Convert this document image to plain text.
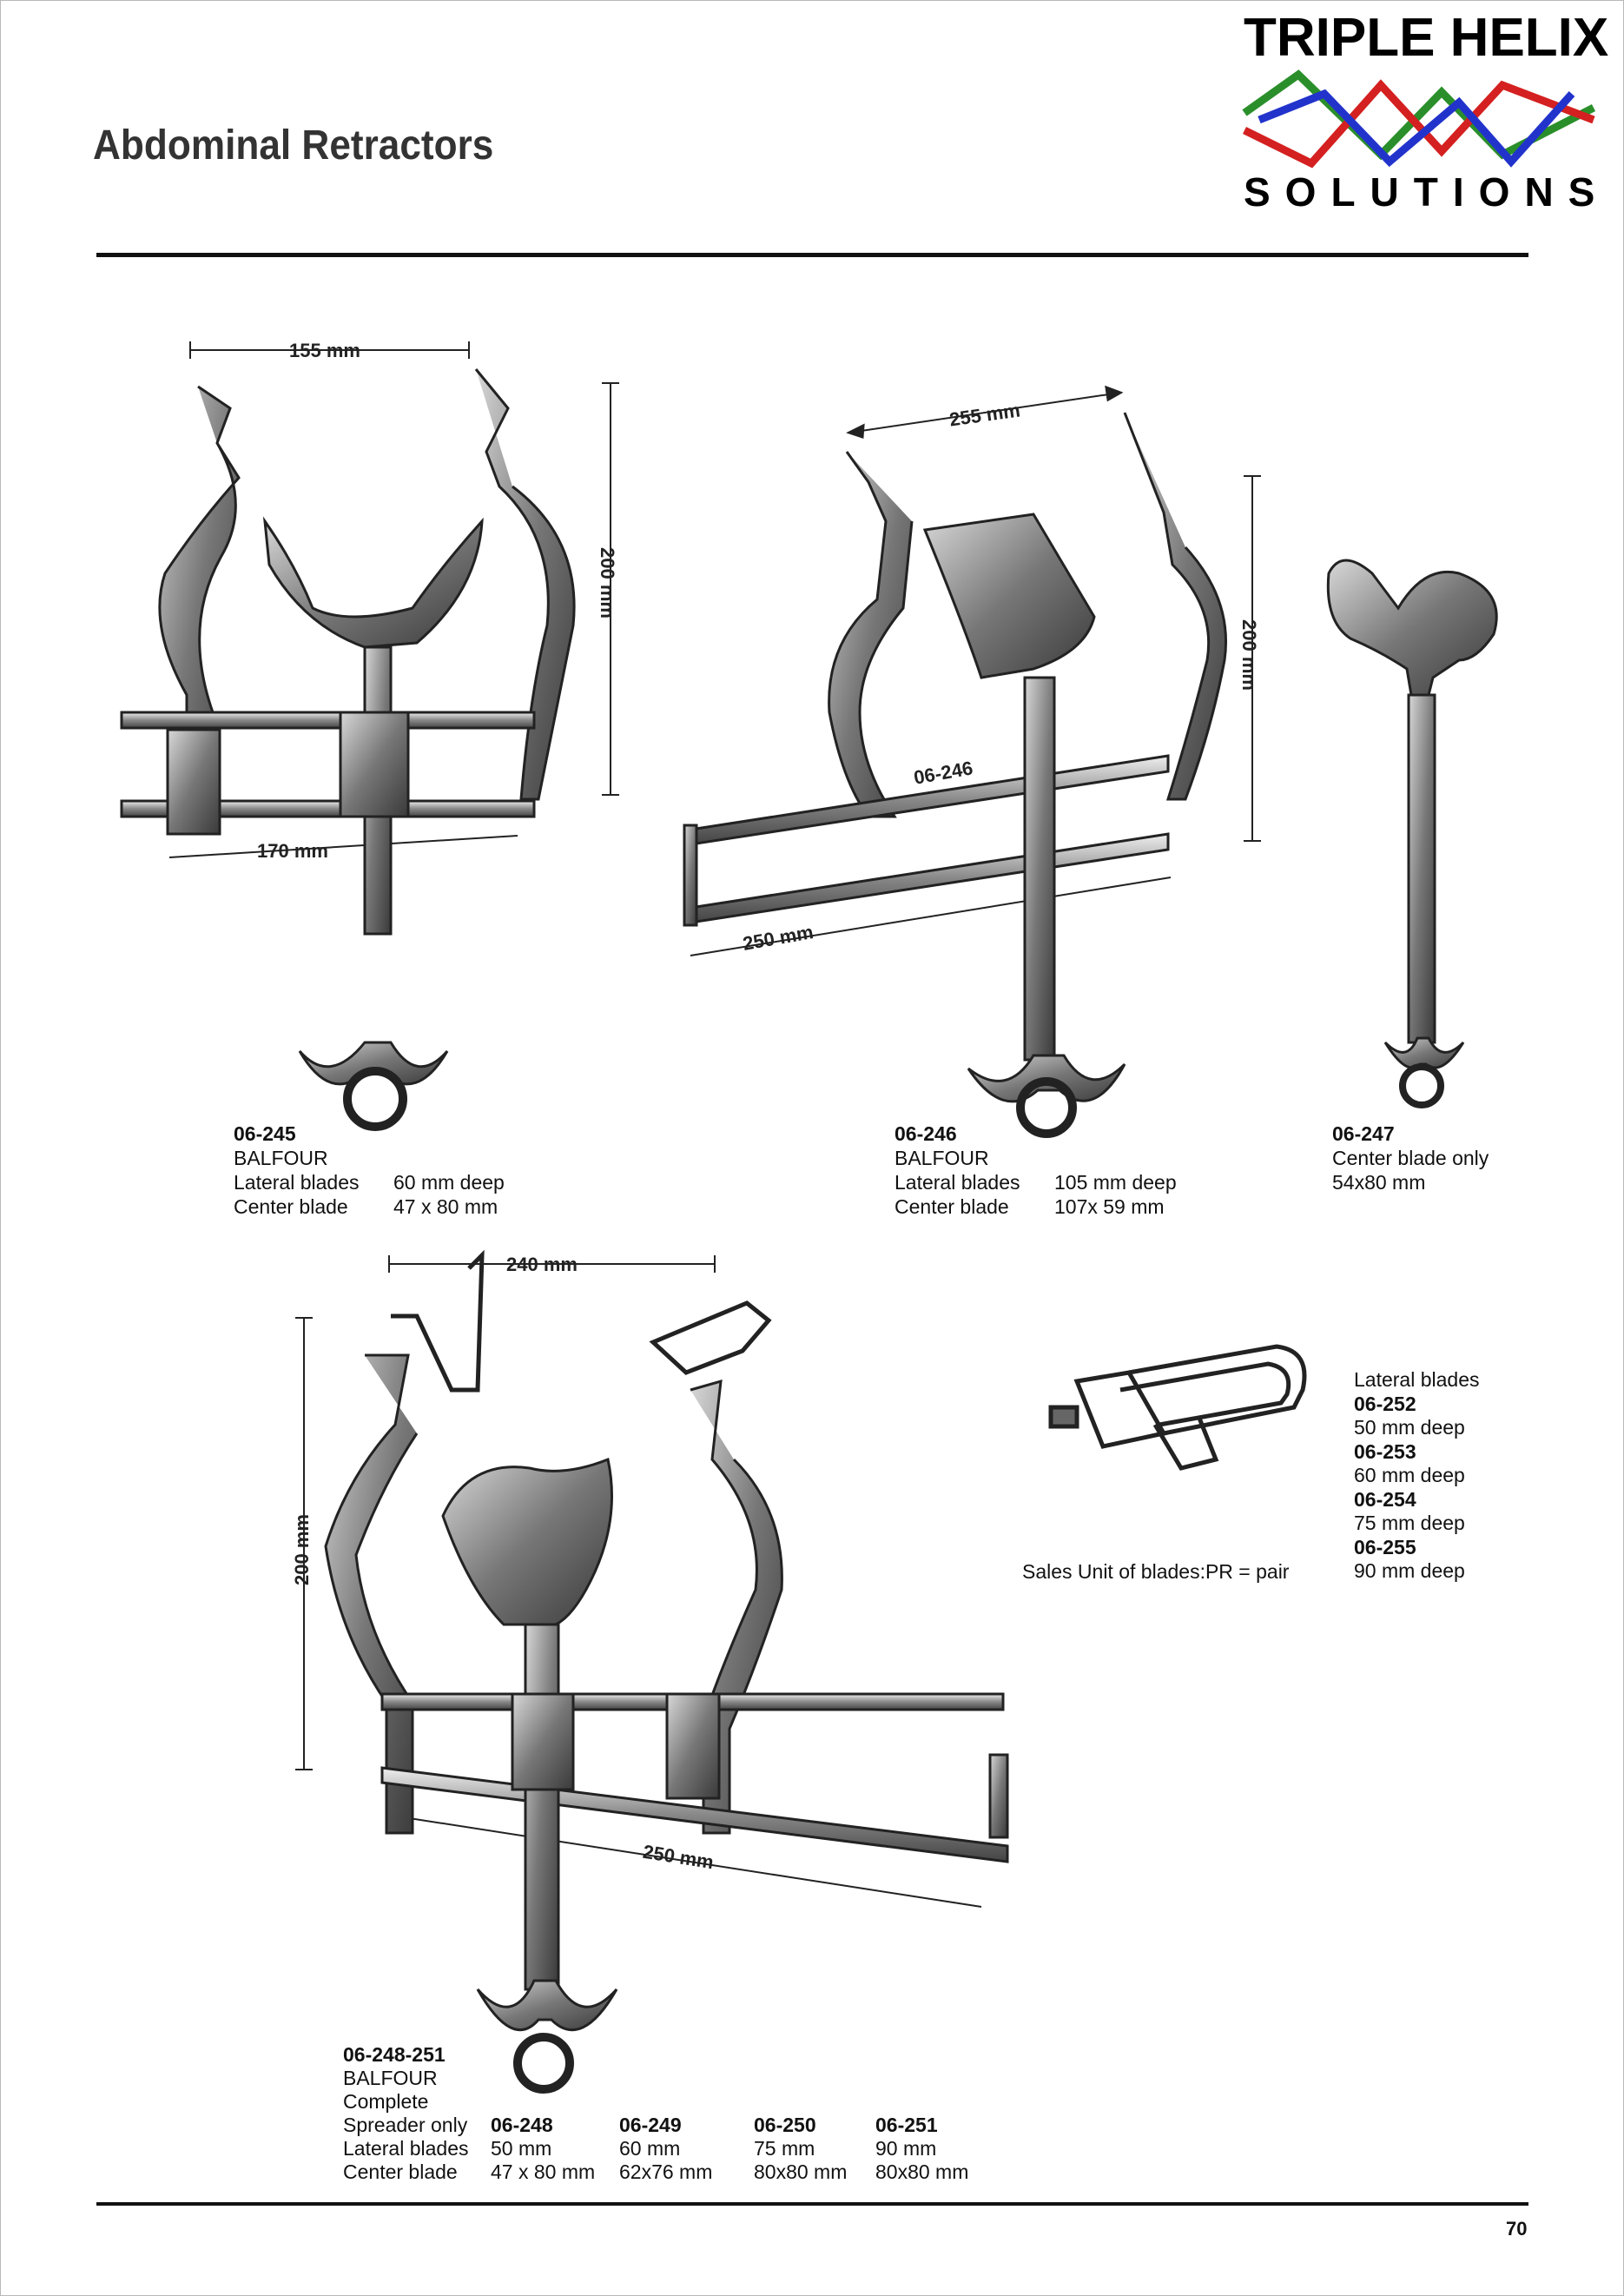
Abdominal Retractors
TRIPLE HELIX
SOLUTIONS
155 mm
200 mm
170 mm
255 mm
200 mm
250 mm
06-246
240 mm
200 mm
250 mm
06-245
BALFOUR
Lateral blades	60 mm deep
Center blade	47 x 80 mm
06-246
BALFOUR
Lateral blades	105 mm deep
Center blade	107x 59 mm
06-247
Center blade only
54x80 mm
Lateral blades
06-252
50 mm deep
06-253
60 mm deep
06-254
75 mm deep
06-255
90 mm deep
Sales Unit of blades:PR = pair
06-248-251
BALFOUR
Complete
Spreader only	06-248	06-249	06-250	06-251
Lateral blades	50 mm	60 mm	75 mm	90 mm
Center blade	47 x 80 mm	62x76 mm	80x80 mm	80x80 mm
70
